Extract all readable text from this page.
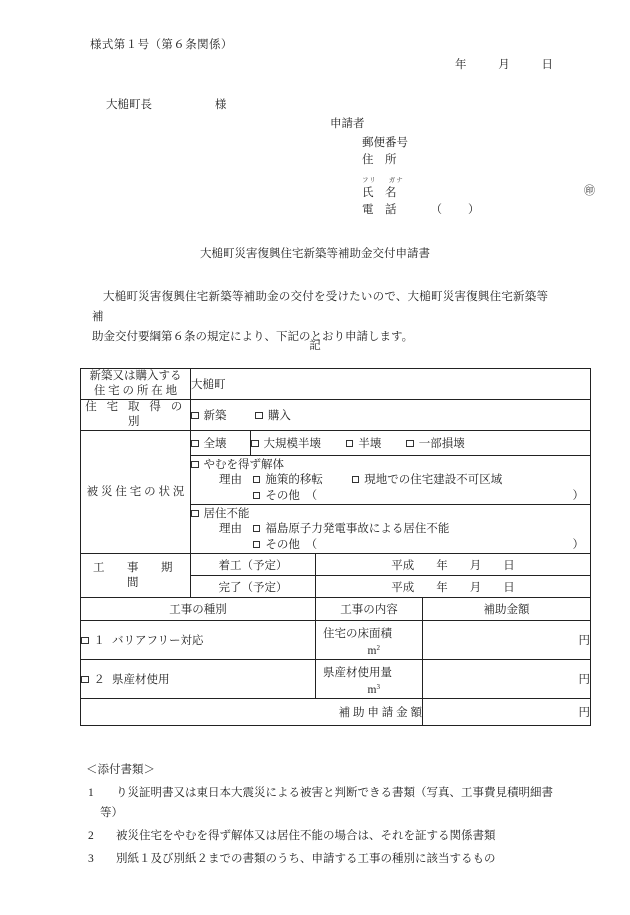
様式第１号（第６条関係）
年	月	日
大槌町長	様
申請者
郵便番号
住　所
フリ ガナ
氏　名	㊞
電　話	（　　）
大槌町災害復興住宅新築等補助金交付申請書
大槌町災害復興住宅新築等補助金の交付を受けたいので、大槌町災害復興住宅新築等補
助金交付要綱第６条の規定により、下記のとおり申請します。
記
新築又は購入する
住 宅 の 所 在 地	大槌町			
住 宅 取 得 の 別	新築 購入			
被 災 住 宅 の 状 況	全壊	大規模半壊 半壊 一部損壊		

	やむを得ず解体
理由 施策的移転 現地での住宅建設不可区域
その他　（ ）			

	居住不能
理由 福島原子力発電事故による居住不能
その他　（ ）			

工　事　期　間	着工（予定）		平成 年 月 日	
	完了（予定）		平成 年 月 日	
工事の種別			工事の内容	補助金額
１ バリアフリー対応			住宅の床面積
$m^2$	円
２ 県産材使用			県産材使用量
$m^3$	円
補 助 申 請 金 額				円
＜添付書類＞
1 り災証明書又は東日本大震災による被害と判断できる書類（写真、工事費見積明細書
等）
2 被災住宅をやむを得ず解体又は居住不能の場合は、それを証する関係書類
3 別紙１及び別紙２までの書類のうち、申請する工事の種別に該当するもの
